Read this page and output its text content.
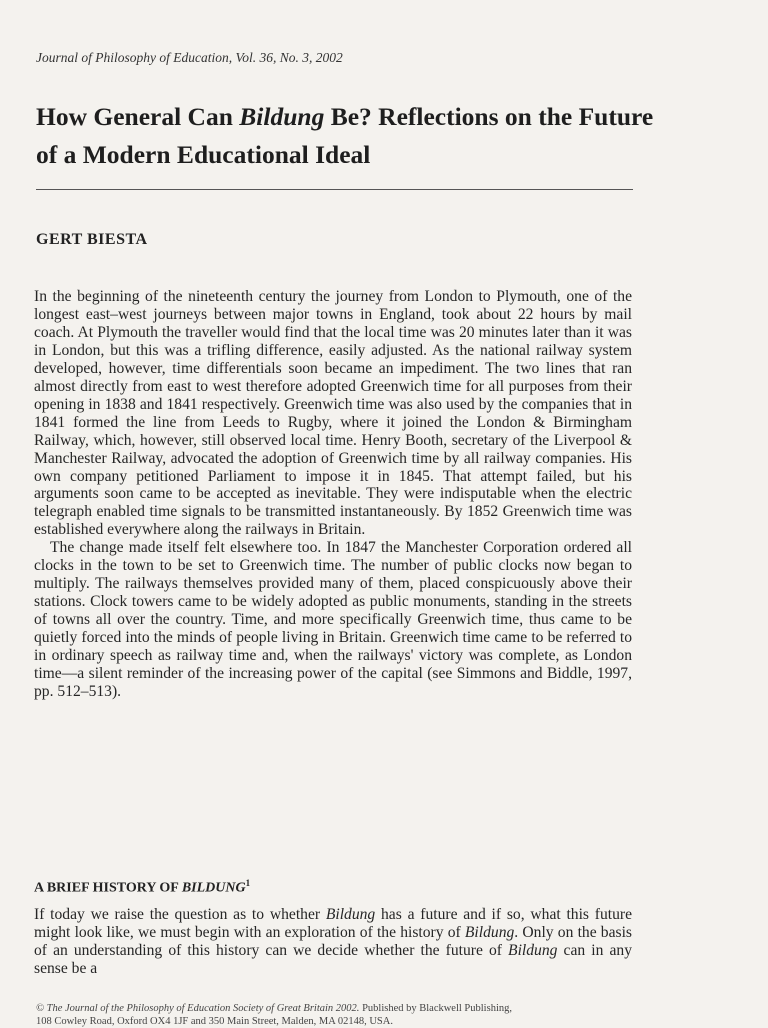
Journal of Philosophy of Education, Vol. 36, No. 3, 2002
How General Can Bildung Be? Reflections on the Future of a Modern Educational Ideal
GERT BIESTA

In the beginning of the nineteenth century the journey from London to Plymouth, one of the longest east–west journeys between major towns in England, took about 22 hours by mail coach. At Plymouth the traveller would find that the local time was 20 minutes later than it was in London, but this was a trifling difference, easily adjusted. As the national railway system developed, however, time differentials soon became an impediment. The two lines that ran almost directly from east to west therefore adopted Greenwich time for all purposes from their opening in 1838 and 1841 respectively. Greenwich time was also used by the companies that in 1841 formed the line from Leeds to Rugby, where it joined the London & Birmingham Railway, which, however, still observed local time. Henry Booth, secretary of the Liverpool & Manchester Railway, advocated the adoption of Greenwich time by all railway companies. His own company petitioned Parliament to impose it in 1845. That attempt failed, but his arguments soon came to be accepted as inevitable. They were indisputable when the electric telegraph enabled time signals to be transmitted instantaneously. By 1852 Greenwich time was established everywhere along the railways in Britain.

The change made itself felt elsewhere too. In 1847 the Manchester Corporation ordered all clocks in the town to be set to Greenwich time. The number of public clocks now began to multiply. The railways themselves provided many of them, placed conspicuously above their stations. Clock towers came to be widely adopted as public monuments, standing in the streets of towns all over the country. Time, and more specifically Greenwich time, thus came to be quietly forced into the minds of people living in Britain. Greenwich time came to be referred to in ordinary speech as railway time and, when the railways' victory was complete, as London time—a silent reminder of the increasing power of the capital (see Simmons and Biddle, 1997, pp. 512–513).

A BRIEF HISTORY OF BILDUNG$^1$

If today we raise the question as to whether Bildung has a future and if so, what this future might look like, we must begin with an exploration of the history of Bildung. Only on the basis of an understanding of this history can we decide whether the future of Bildung can in any sense be a

© The Journal of the Philosophy of Education Society of Great Britain 2002. Published by Blackwell Publishing,
108 Cowley Road, Oxford OX4 1JF and 350 Main Street, Malden, MA 02148, USA.
